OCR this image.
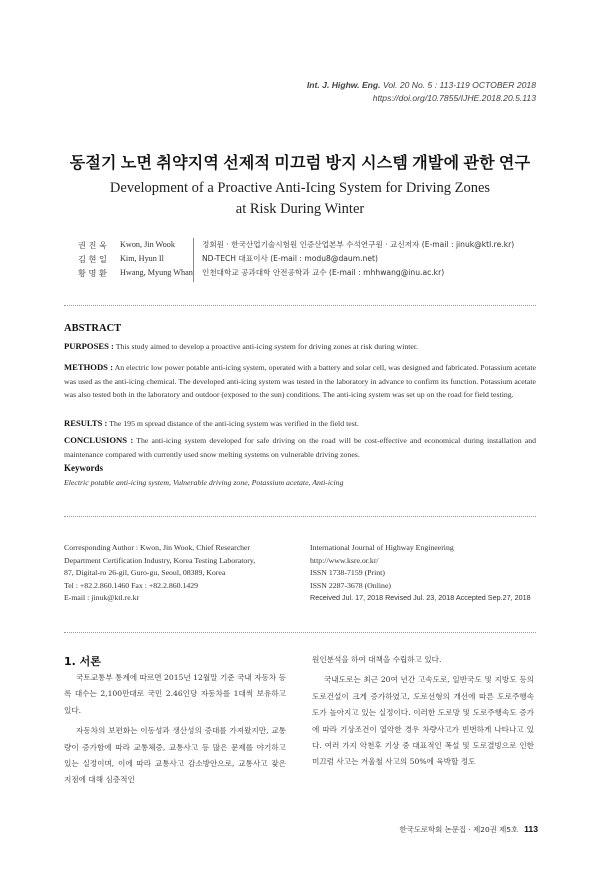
Int. J. Highw. Eng. Vol. 20 No. 5 : 113-119 OCTOBER 2018
https://doi.org/10.7855/IJHE.2018.20.5.113
동절기 노면 취약지역 선제적 미끄럼 방지 시스템 개발에 관한 연구
Development of a Proactive Anti-Icing System for Driving Zones
at Risk During Winter
권 진 욱
김 현 일
황 명 환
Kwon, Jin Wook
Kim, Hyun Il
Hwang, Myung Whan
정회원 · 한국산업기술시험원 인증산업본부 수석연구원 · 교신저자 (E-mail : jinuk@ktl.re.kr)
ND-TECH 대표이사 (E-mail : modu8@daum.net)
인천대학교 공과대학 안전공학과 교수 (E-mail : mhhwang@inu.ac.kr)
ABSTRACT
PURPOSES : This study aimed to develop a proactive anti-icing system for driving zones at risk during winter.
METHODS : An electric low power potable anti-icing system, operated with a battery and solar cell, was designed and fabricated. Potassium acetate was used as the anti-icing chemical. The developed anti-icing system was tested in the laboratory in advance to confirm its function. Potassium acetate was also tested both in the laboratory and outdoor (exposed to the sun) conditions. The anti-icing system was set up on the road for field testing.
RESULTS : The 195 m spread distance of the anti-icing system was verified in the field test.
CONCLUSIONS : The anti-icing system developed for safe driving on the road will be cost-effective and economical during installation and maintenance compared with currently used snow melting systems on vulnerable driving zones.
Keywords
Electric potable anti-icing system, Vulnerable driving zone, Potassium acetate, Anti-icing
Corresponding Author : Kwon, Jin Wook, Chief Researcher
Department Certification Industry, Korea Testing Laboratory,
87, Digital-ro 26-gil, Guro-gu, Seoul, 08389, Korea
Tel : +82.2.860.1460 Fax : +82.2.860.1429
E-mail : jinuk@ktl.re.kr
International Journal of Highway Engineering
http://www.ksre.or.kr/
ISSN 1738-7159 (Print)
ISSN 2287-3678 (Online)
Received Jul. 17, 2018 Revised Jul. 23, 2018 Accepted Sep.27, 2018
1. 서론

국토교통부 통계에 따르면 2015년 12월말 기준 국내 자동차 등록 대수는 2,100만대로 국민 2.46인당 자동차를 1대씩 보유하고 있다.

자동차의 보편화는 이동성과 생산성의 증대를 가져왔지만, 교통량이 증가함에 따라 교통체증, 교통사고 등 많은 문제를 야기하고 있는 실정이며, 이에 따라 교통사고 감소방안으로, 교통사고 잦은 지점에 대해 심층적인

원인분석을 하여 대책을 수립하고 있다.

국내도로는 최근 20여 년간 고속도로, 일반국도 및 지방도 등의 도로건설이 크게 증가하였고, 도로선형의 개선에 따른 도로주행속도가 높아지고 있는 실정이다. 이러한 도로망 및 도로주행속도 증가에 따라 기상조건이 열악한 경우 차량사고가 빈번하게 나타나고 있다. 여러 가지 악천후 기상 중 대표적인 폭설 및 도로결빙으로 인한 미끄럼 사고는 겨울철 사고의 50%에 육박할 정도

한국도로학회 논문집 · 제20권 제5호 113
